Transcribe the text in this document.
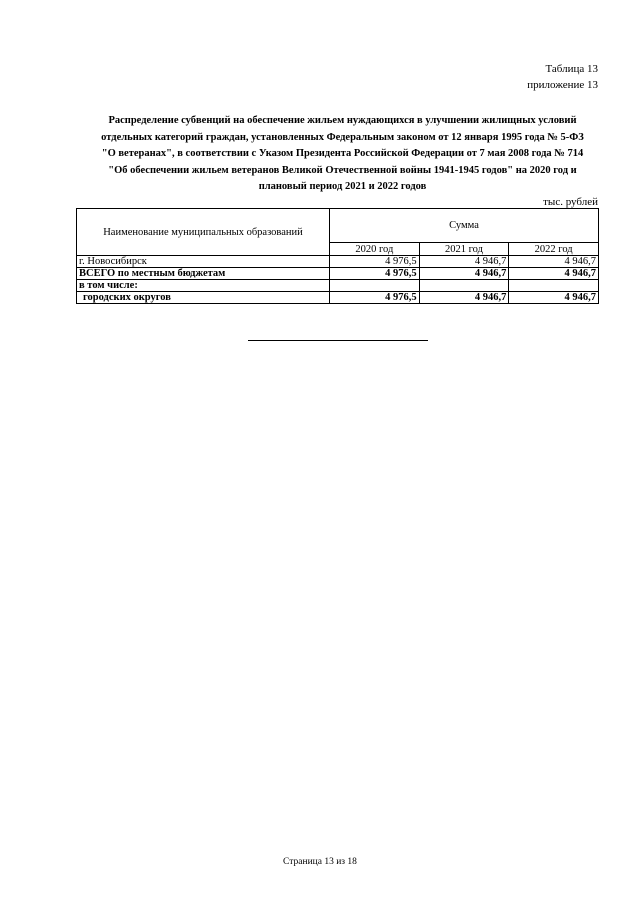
Таблица 13
приложение 13
Распределение субвенций на обеспечение жильем нуждающихся в улучшении жилищных условий
отдельных категорий граждан, установленных Федеральным законом от 12 января 1995 года № 5-ФЗ
"О ветеранах", в соответствии с Указом Президента Российской Федерации от 7 мая 2008 года № 714
"Об обеспечении жильем ветеранов Великой Отечественной войны 1941-1945 годов" на 2020 год и
плановый период 2021 и 2022 годов
тыс. рублей
Наименование муниципальных образований	Сумма		
	2020 год	2021 год	2022 год
г. Новосибирск	4 976,5	4 946,7	4 946,7
ВСЕГО по местным бюджетам	4 976,5	4 946,7	4 946,7
в том числе:			
городских округов	4 976,5	4 946,7	4 946,7
Страница 13 из 18
